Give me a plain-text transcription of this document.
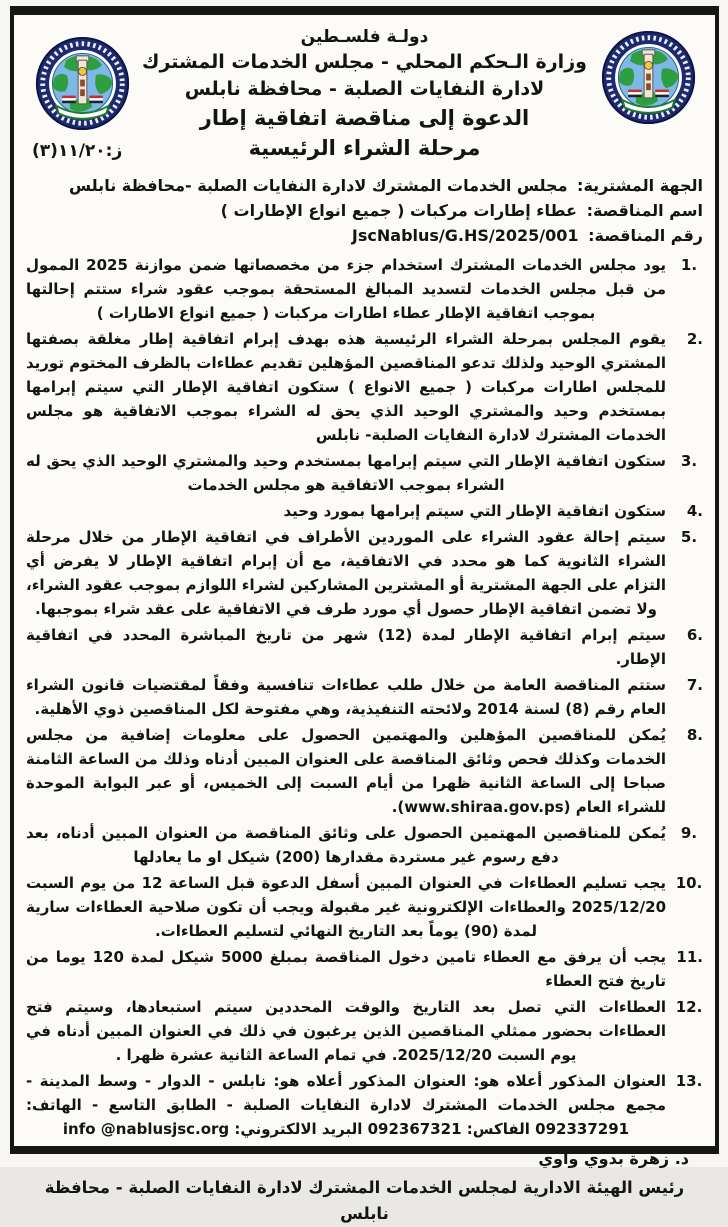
ز:١١/٢٠(٣)
دولـة فلسـطين
وزارة الـحكم المحلي - مجلس الخدمات المشترك
لادارة النفايات الصلبة - محافظة نابلس
الدعوة إلى مناقصة اتفاقية إطار
مرحلة الشراء الرئيسية
الجهة المشترية: مجلس الخدمات المشترك لادارة النفايات الصلبة -محافظة نابلس
اسم المناقصة: عطاء إطارات مركبات ( جميع انواع الإطارات )
رقم المناقصة: JscNablus/G.HS/2025/001
1.يود مجلس الخدمات المشترك استخدام جزء من مخصصاتها ضمن موازنة 2025 الممول من قبل مجلس الخدمات لتسديد المبالغ المستحقة بموجب عقود شراء ستتم إحالتها بموجب اتفاقية الإطار عطاء اطارات مركبات ( جميع انواع الاطارات )
2.يقوم المجلس بمرحلة الشراء الرئيسية هذه بهدف إبرام اتفاقية إطار مغلقة بصفتها المشتري الوحيد ولذلك تدعو المناقصين المؤهلين تقديم عطاءات بالظرف المختوم توريد للمجلس اطارات مركبات ( جميع الانواع ) ستكون اتفاقية الإطار التي سيتم إبرامها بمستخدم وحيد والمشتري الوحيد الذي يحق له الشراء بموجب الاتفاقية هو مجلس الخدمات المشترك لادارة النفايات الصلبة- نابلس
3.ستكون اتفاقية الإطار التي سيتم إبرامها بمستخدم وحيد والمشتري الوحيد الذي يحق له الشراء بموجب الاتفاقية هو مجلس الخدمات
4.ستكون اتفاقية الإطار التي سيتم إبرامها بمورد وحيد
5.سيتم إحالة عقود الشراء على الموردين الأطراف في اتفاقية الإطار من خلال مرحلة الشراء الثانوية كما هو محدد في الاتفاقية، مع أن إبرام اتفاقية الإطار لا يفرض أي التزام على الجهة المشترية أو المشترين المشاركين لشراء اللوازم بموجب عقود الشراء، ولا تضمن اتفاقية الإطار حصول أي مورد طرف في الاتفاقية على عقد شراء بموجبها.
6.سيتم إبرام اتفاقية الإطار لمدة (12) شهر من تاريخ المباشرة المحدد في اتفاقية الإطار.
7.ستتم المناقصة العامة من خلال طلب عطاءات تنافسية وفقاً لمقتضيات قانون الشراء العام رقم (8) لسنة 2014 ولائحته التنفيذية، وهي مفتوحة لكل المناقصين ذوي الأهلية.
8.يُمكن للمناقصين المؤهلين والمهتمين الحصول على معلومات إضافية من مجلس الخدمات وكذلك فحص وثائق المناقصة على العنوان المبين أدناه وذلك من الساعة الثامنة صباحا إلى الساعة الثانية ظهرا من أيام السبت إلى الخميس، أو عبر البوابة الموحدة للشراء العام (www.shiraa.gov.ps).
9.يُمكن للمناقصين المهتمين الحصول على وثائق المناقصة من العنوان المبين أدناه، بعد دفع رسوم غير مستردة مقدارها (200) شيكل او ما يعادلها
10.يجب تسليم العطاءات في العنوان المبين أسفل الدعوة قبل الساعة 12 من يوم السبت 2025/12/20 والعطاءات الإلكترونية غير مقبولة ويجب أن تكون صلاحية العطاءات سارية لمدة (90) يوماً بعد التاريخ النهائي لتسليم العطاءات.
11.يجب أن يرفق مع العطاء تامين دخول المناقصة بمبلغ 5000 شيكل لمدة 120 يوما من تاريخ فتح العطاء
12.العطاءات التي تصل بعد التاريخ والوقت المحددين سيتم استبعادها، وسيتم فتح العطاءات بحضور ممثلي المناقصين الذين يرغبون في ذلك في العنوان المبين أدناه في يوم السبت 2025/12/20. في تمام الساعة الثانية عشرة ظهرا .
13.العنوان المذكور أعلاه هو: العنوان المذكور أعلاه هو: نابلس - الدوار - وسط المدينة - مجمع مجلس الخدمات المشترك لادارة النفايات الصلبة - الطابق التاسع - الهاتف: 092337291 الفاكس: 092367321 البريد الالكتروني: info @nablusjsc.org
د. زهرة بدوي واوي
رئيس الهيئة الادارية لمجلس الخدمات المشترك لادارة النفايات الصلبة - محافظة نابلس
